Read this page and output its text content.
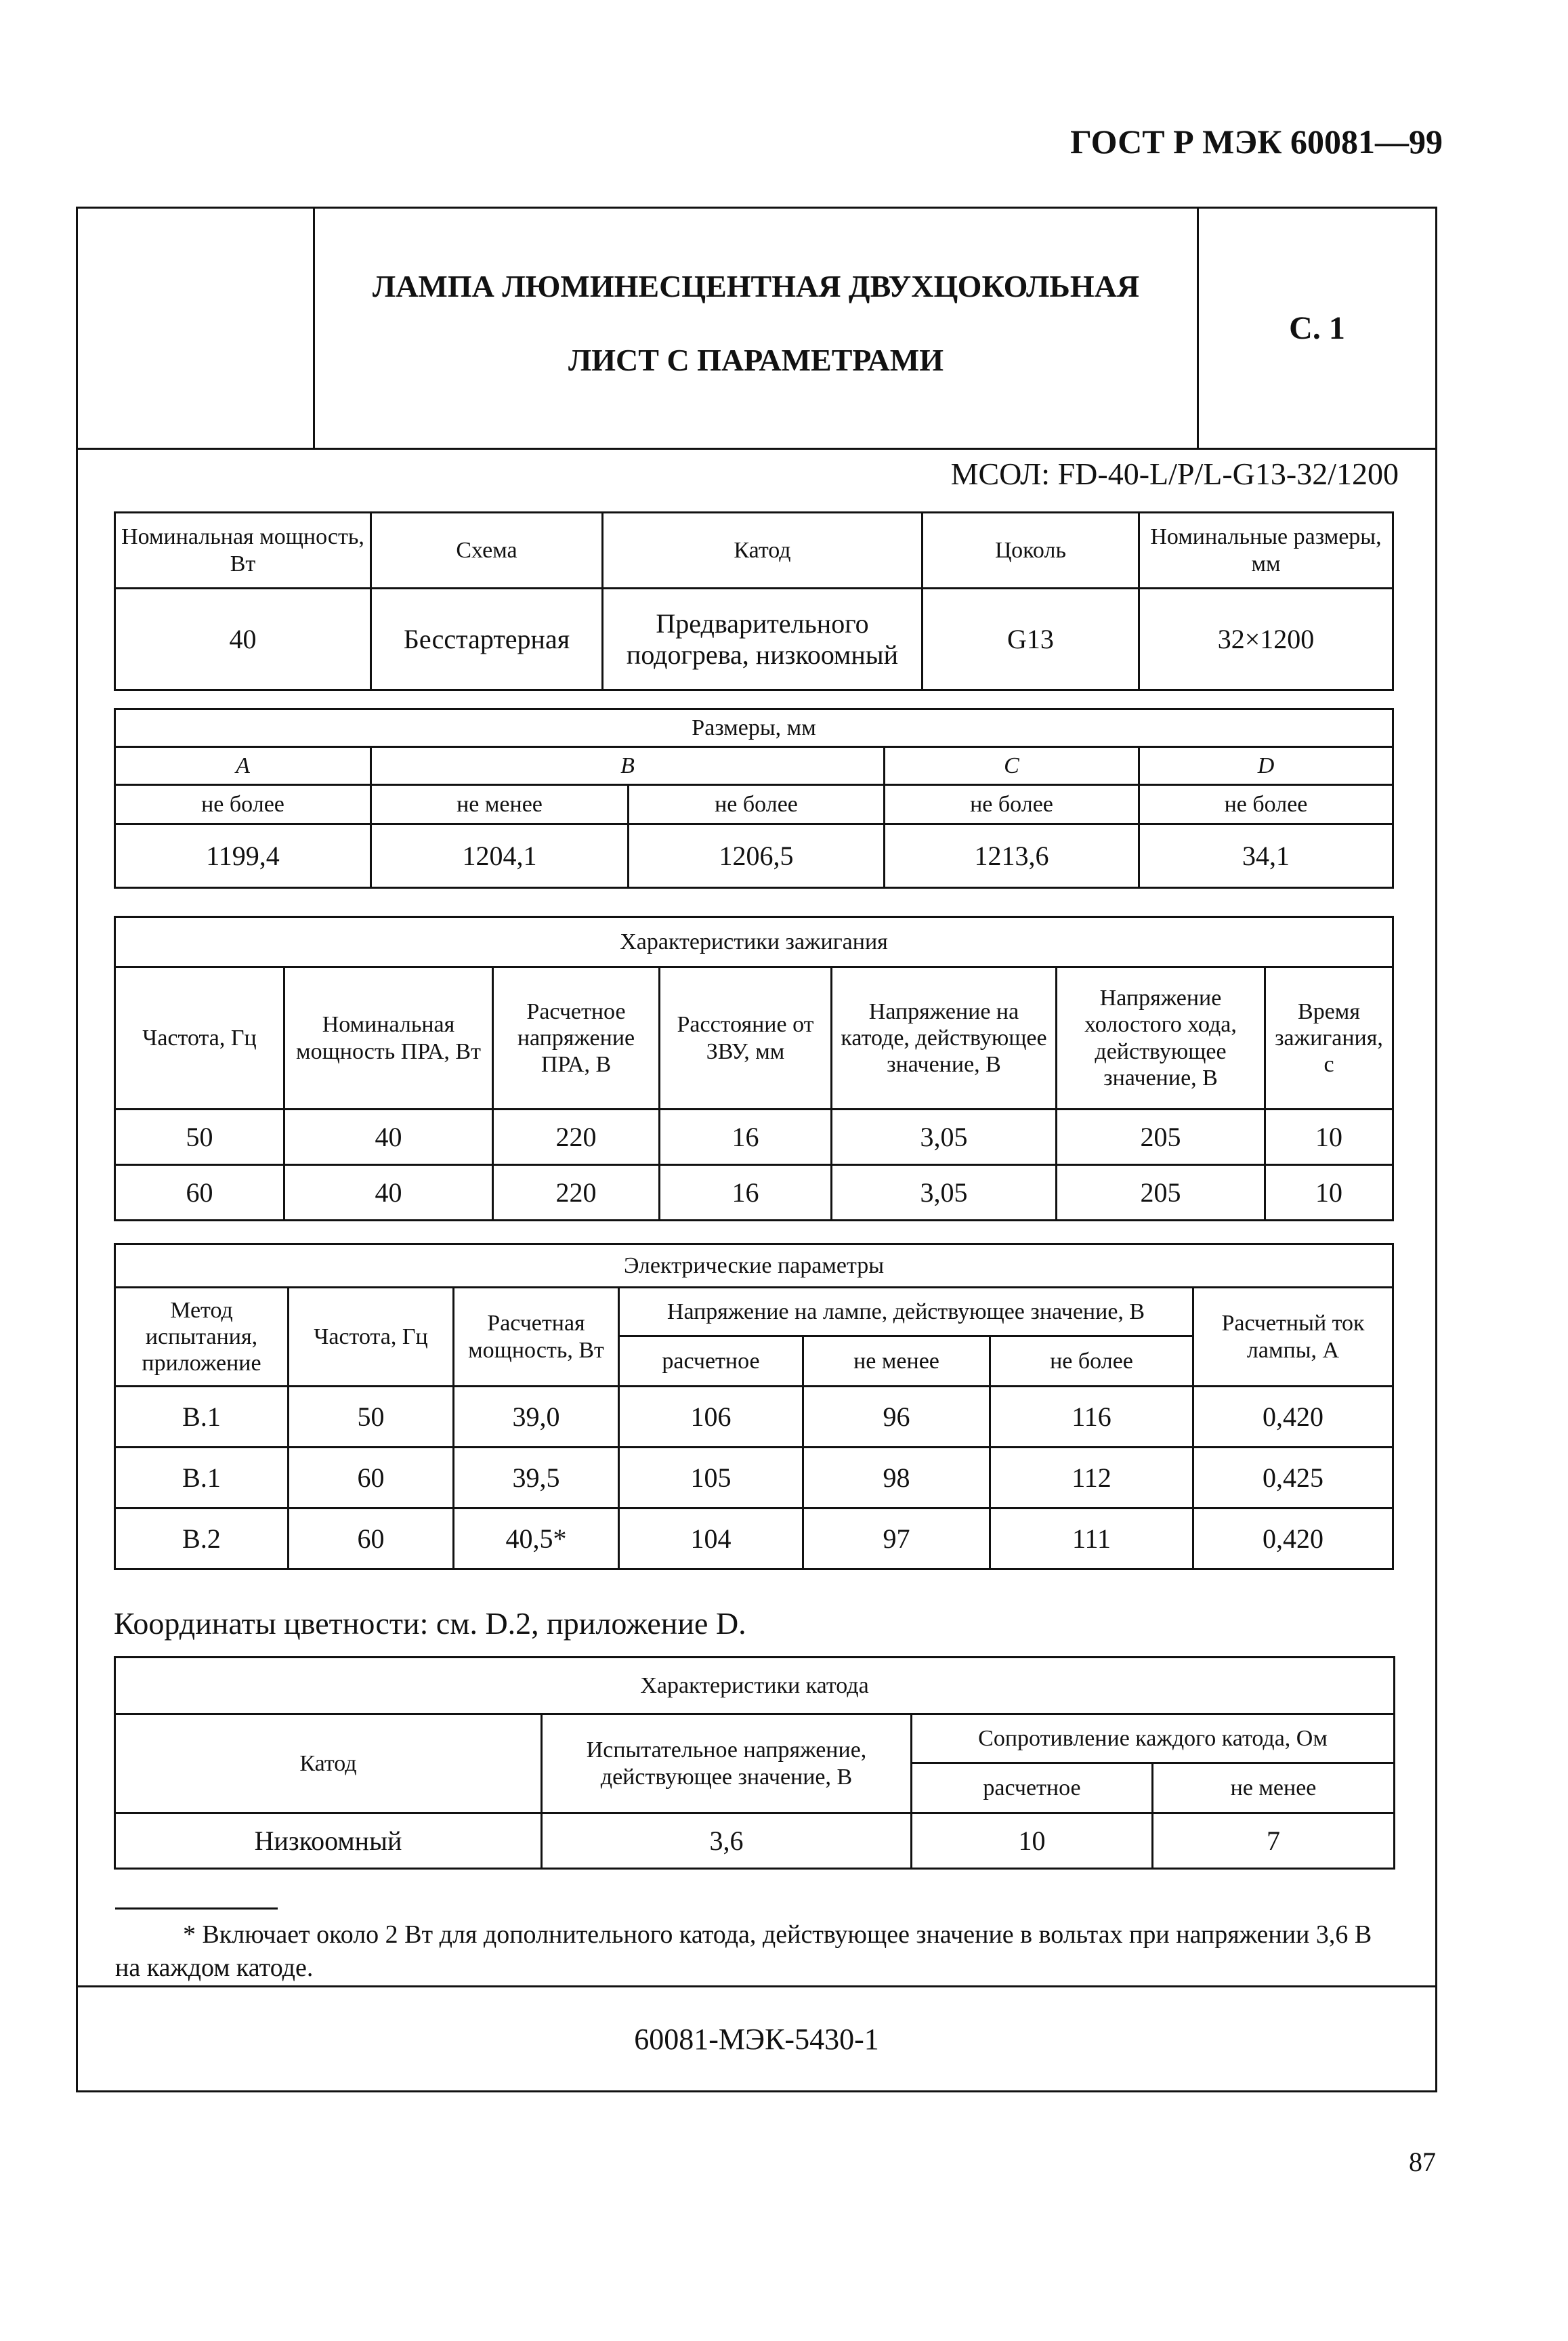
ГОСТ Р МЭК 60081—99
ЛАМПА ЛЮМИНЕСЦЕНТНАЯ ДВУХЦОКОЛЬНАЯ
ЛИСТ С ПАРАМЕТРАМИ
С. 1
60081-МЭК-5430-1
МСОЛ: FD-40-L/P/L-G13-32/1200
Номинальная мощность, Вт	Схема	Катод	Цоколь	Номинальные размеры, мм
40	Бесстартерная	Предварительного подогрева, низкоомный	G13	32×1200
Размеры, мм				
A	B		C	D
не более	не менее	не более	не более	не более
1199,4	1204,1	1206,5	1213,6	34,1
Характеристики зажигания						
Частота, Гц	Номинальная мощность ПРА, Вт	Расчетное напряжение ПРА, В	Расстояние от ЗВУ, мм	Напряжение на катоде, действующее значение, В	Напряжение холостого хода, действующее значение, В	Время зажигания, с
50	40	220	16	3,05	205	10
60	40	220	16	3,05	205	10
Электрические параметры						
Метод испытания, приложение	Частота, Гц	Расчетная мощность, Вт	Напряжение на лампе, действующее значение, В			Расчетный ток лампы, А
			расчетное	не менее	не более	
B.1	50	39,0	106	96	116	0,420
B.1	60	39,5	105	98	112	0,425
B.2	60	40,5*	104	97	111	0,420
Координаты цветности: см. D.2, приложение D.
Характеристики катода			
Катод	Испытательное напряжение, действующее значение, В	Сопротивление каждого катода, Ом	
		расчетное	не менее
Низкоомный	3,6	10	7
* Включает около 2 Вт для дополнительного катода, действующее значение в вольтах при напряжении 3,6 В на каждом катоде.
87
